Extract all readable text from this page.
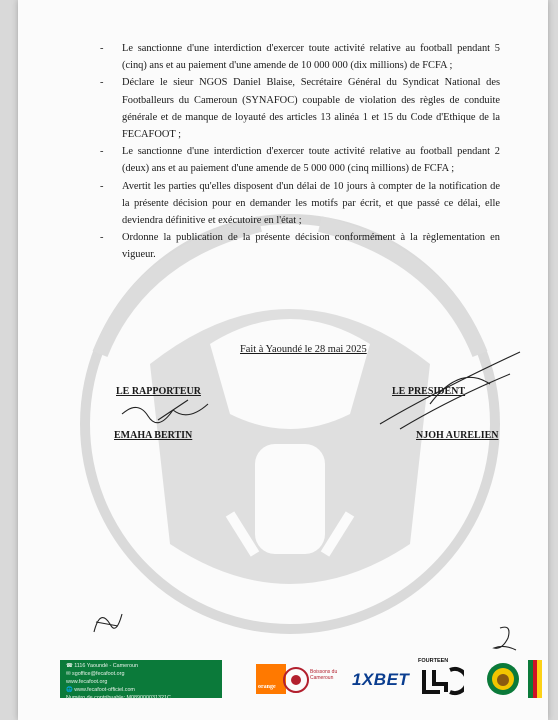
- Le sanctionne d'une interdiction d'exercer toute activité relative au football pendant 5 (cinq) ans et au paiement d'une amende de 10 000 000 (dix millions) de FCFA ;

- Déclare le sieur NGOS Daniel Blaise, Secrétaire Général du Syndicat National des Footballeurs du Cameroun (SYNAFOC) coupable de violation des règles de conduite générale et de manque de loyauté des articles 13 alinéa 1 et 15 du Code d'Ethique de la FECAFOOT ;

- Le sanctionne d'une interdiction d'exercer toute activité relative au football pendant 2 (deux) ans et au paiement d'une amende de 5 000 000 (cinq millions) de FCFA ;

- Avertit les parties qu'elles disposent d'un délai de 10 jours à compter de la notification de la présente décision pour en demander les motifs par écrit, et que passé ce délai, elle deviendra définitive et exécutoire en l'état ;

- Ordonne la publication de la présente décision conformément à la règlementation en vigueur.

Fait à Yaoundé le 28 mai 2025
LE RAPPORTEUR	LE PRESIDENT
EMAHA BERTIN	NJOH AURELIEN
☎ 1116 Yaoundé - Cameroun
✉ sgoffice@fecafoot.org
www.fecafoot.org
🌐 www.fecafoot-officiel.com
Numéro de contribuable: M089000031321C
orange
Boissons du Cameroun	1XBET
FOURTEEN
